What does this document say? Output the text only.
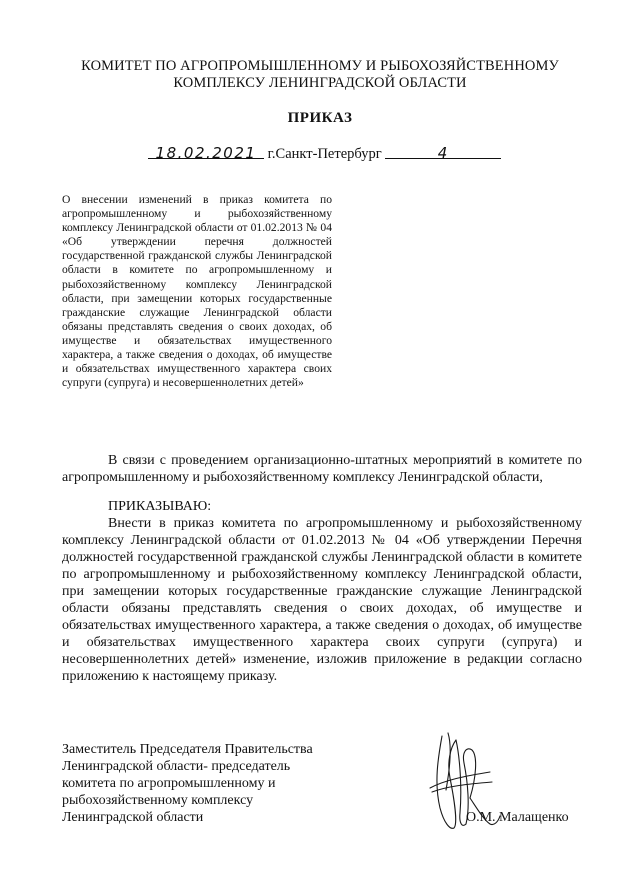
КОМИТЕТ ПО АГРОПРОМЫШЛЕННОМУ И РЫБОХОЗЯЙСТВЕННОМУ
КОМПЛЕКСУ ЛЕНИНГРАДСКОЙ ОБЛАСТИ
ПРИКАЗ
18.02.2021 г.Санкт-Петербург	4

О внесении изменений в приказ комитета по агропромышленному и рыбохозяйственному комплексу Ленинградской области от 01.02.2013 № 04 «Об утверждении перечня должностей государственной гражданской службы Ленинградской области в комитете по агропромышленному и рыбохозяйственному комплексу Ленинградской области, при замещении которых государственные гражданские служащие Ленинградской области обязаны представлять сведения о своих доходах, об имуществе и обязательствах имущественного характера, а также сведения о доходах, об имуществе и обязательствах имущественного характера своих супруги (супруга) и несовершеннолетних детей»

В связи с проведением организационно-штатных мероприятий в комитете по агропромышленному и рыбохозяйственному комплексу Ленинградской области,

ПРИКАЗЫВАЮ:

Внести в приказ комитета по агропромышленному и рыбохозяйственному комплексу Ленинградской области от 01.02.2013 № 04 «Об утверждении Перечня должностей государственной гражданской службы Ленинградской области в комитете по агропромышленному и рыбохозяйственному комплексу Ленинградской области, при замещении которых государственные гражданские служащие Ленинградской области обязаны представлять сведения о своих доходах, об имуществе и обязательствах имущественного характера, а также сведения о доходах, об имуществе и обязательствах имущественного характера своих супруги (супруга) и несовершеннолетних детей» изменение, изложив приложение в редакции согласно приложению к настоящему приказу.

Заместитель Председателя Правительства
Ленинградской области- председатель
комитета по агропромышленному и
рыбохозяйственному комплексу
Ленинградской области	О.М. Малащенко
